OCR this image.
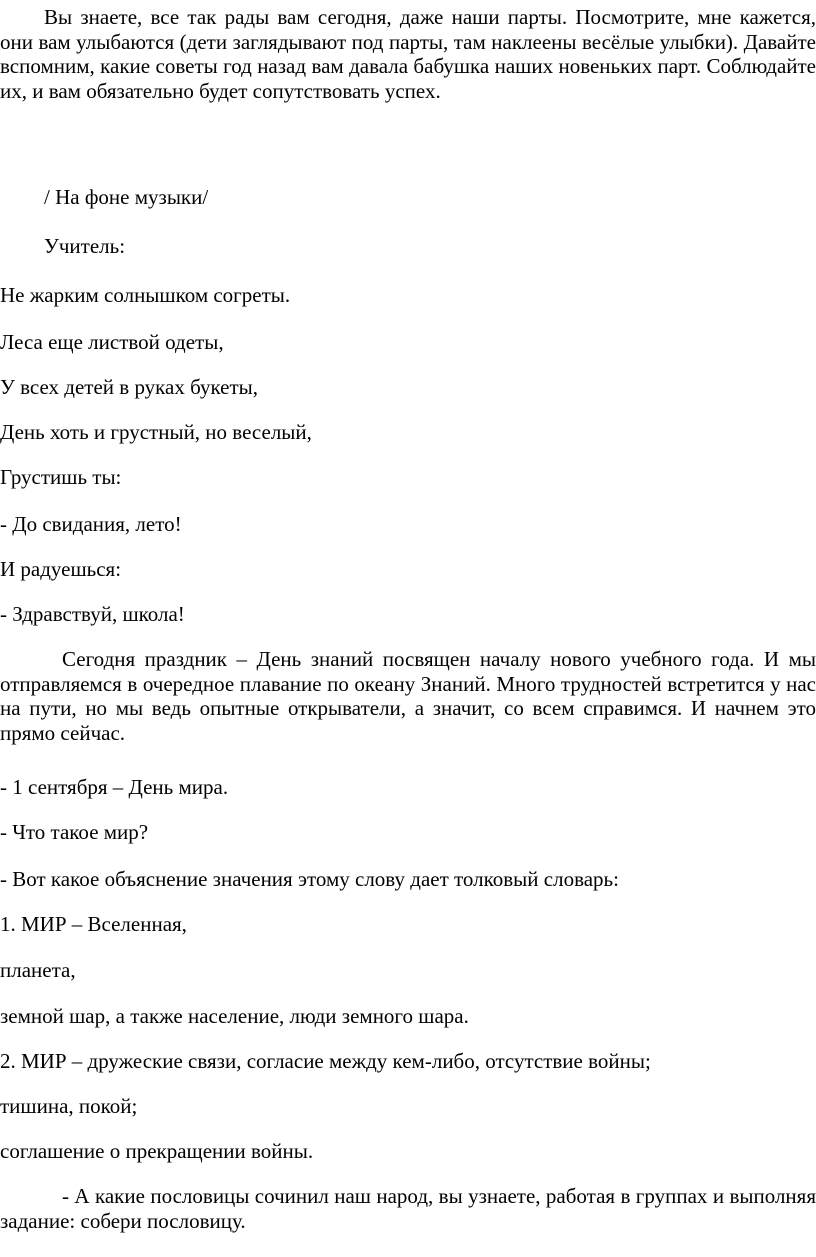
Вы знаете, все так рады вам сегодня, даже наши парты. Посмотрите, мне кажется, они вам улыбаются (дети заглядывают под парты, там наклеены весёлые улыбки). Давайте вспомним, какие советы год назад вам давала бабушка наших новеньких парт. Соблюдайте их, и вам обязательно будет сопутствовать успех.

/ На фоне музыки/

Учитель:

Не жарким солнышком согреты.

Леса еще листвой одеты,

У всех детей в руках букеты,

День хоть и грустный, но веселый,

Грустишь ты:

- До свидания, лето!

И радуешься:

- Здравствуй, школа!

Сегодня праздник – День знаний посвящен началу нового учебного года. И мы отправляемся в очередное плавание по океану Знаний. Много трудностей встретится у нас на пути, но мы ведь опытные открыватели, а значит, со всем справимся. И начнем это прямо сейчас.

- 1 сентября – День мира.

- Что такое мир?

- Вот какое объяснение значения этому слову дает толковый словарь:

1. МИР – Вселенная,

планета,

земной шар, а также население, люди земного шара.

2. МИР – дружеские связи, согласие между кем-либо, отсутствие войны;

тишина, покой;

соглашение о прекращении войны.

- А какие пословицы сочинил наш народ, вы узнаете, работая в группах и выполняя задание: собери пословицу.
